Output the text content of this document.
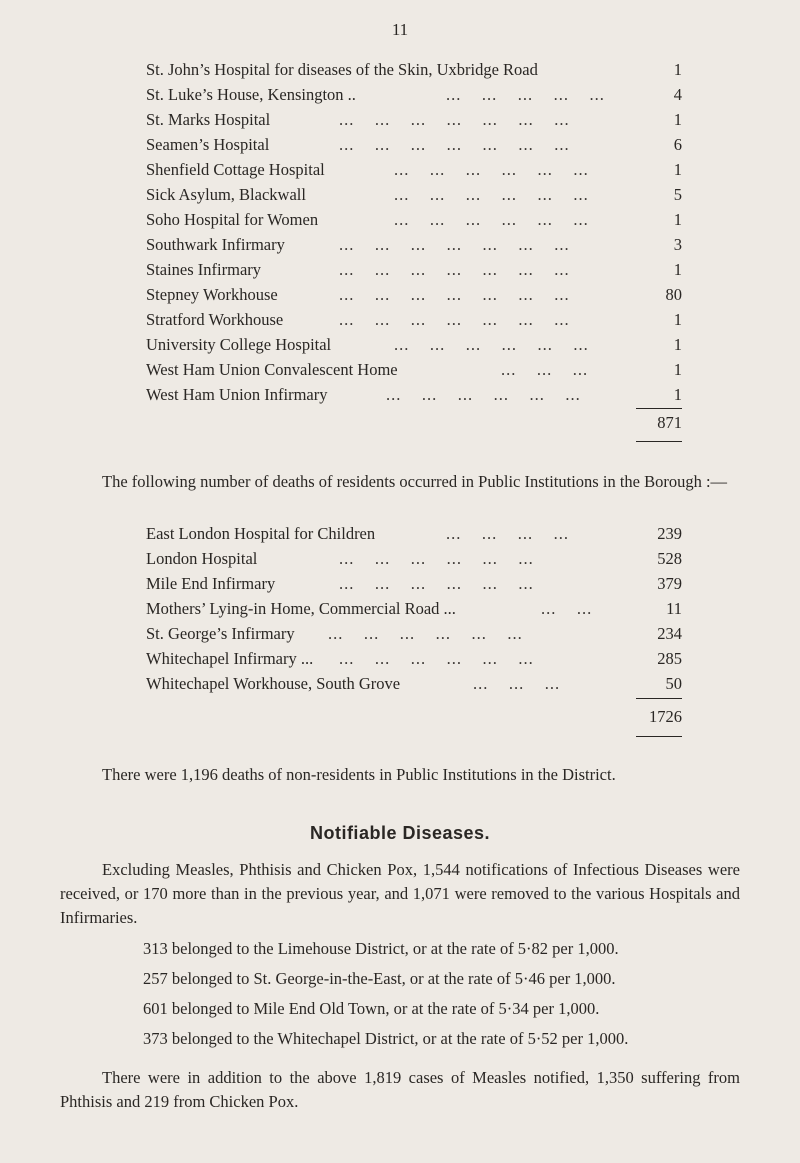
11
St. John’s Hospital for diseases of the Skin, Uxbridge Road	1
St. Luke’s House, Kensington ..	...    ...    ...    ...    ...	4
St. Marks Hospital	...    ...    ...    ...    ...    ...    ...	1
Seamen’s Hospital	...    ...    ...    ...    ...    ...    ...	6
Shenfield Cottage Hospital	...    ...    ...    ...    ...    ...	1
Sick Asylum, Blackwall	...    ...    ...    ...    ...    ...	5
Soho Hospital for Women	...    ...    ...    ...    ...    ...	1
Southwark Infirmary	...    ...    ...    ...    ...    ...    ...	3
Staines Infirmary	...    ...    ...    ...    ...    ...    ...	1
Stepney Workhouse	...    ...    ...    ...    ...    ...    ...	80
Stratford Workhouse	...    ...    ...    ...    ...    ...    ...	1
University College Hospital	...    ...    ...    ...    ...    ...	1
West Ham Union Convalescent Home	...    ...    ...	1
West Ham Union Infirmary	...    ...    ...    ...    ...    ...	1
871
The following number of deaths of residents occurred in Public Institutions in the Borough :—
East London Hospital for Children	...    ...    ...    ...	239
London Hospital	...    ...    ...    ...    ...    ...	528
Mile End Infirmary	...    ...    ...    ...    ...    ...	379
Mothers’ Lying-in Home, Commercial Road ...	...    ...	11
St. George’s Infirmary ...    ...    ...    ...    ...    ...	234
Whitechapel Infirmary ... ...    ...    ...    ...    ...    ...	285
Whitechapel Workhouse, South Grove	...    ...    ...	50
1726
There were 1,196 deaths of non-residents in Public Institutions in the District.
Notifiable Diseases.
Excluding Measles, Phthisis and Chicken Pox, 1,544 notifications of Infectious Diseases were received, or 170 more than in the previous year, and 1,071 were removed to the various Hospitals and Infirmaries.
313 belonged to the Limehouse District, or at the rate of 5·82 per 1,000.
257 belonged to St. George-in-the-East, or at the rate of 5·46 per 1,000.
601 belonged to Mile End Old Town, or at the rate of 5·34 per 1,000.
373 belonged to the Whitechapel District, or at the rate of 5·52 per 1,000.
There were in addition to the above 1,819 cases of Measles notified, 1,350 suffering from Phthisis and 219 from Chicken Pox.
